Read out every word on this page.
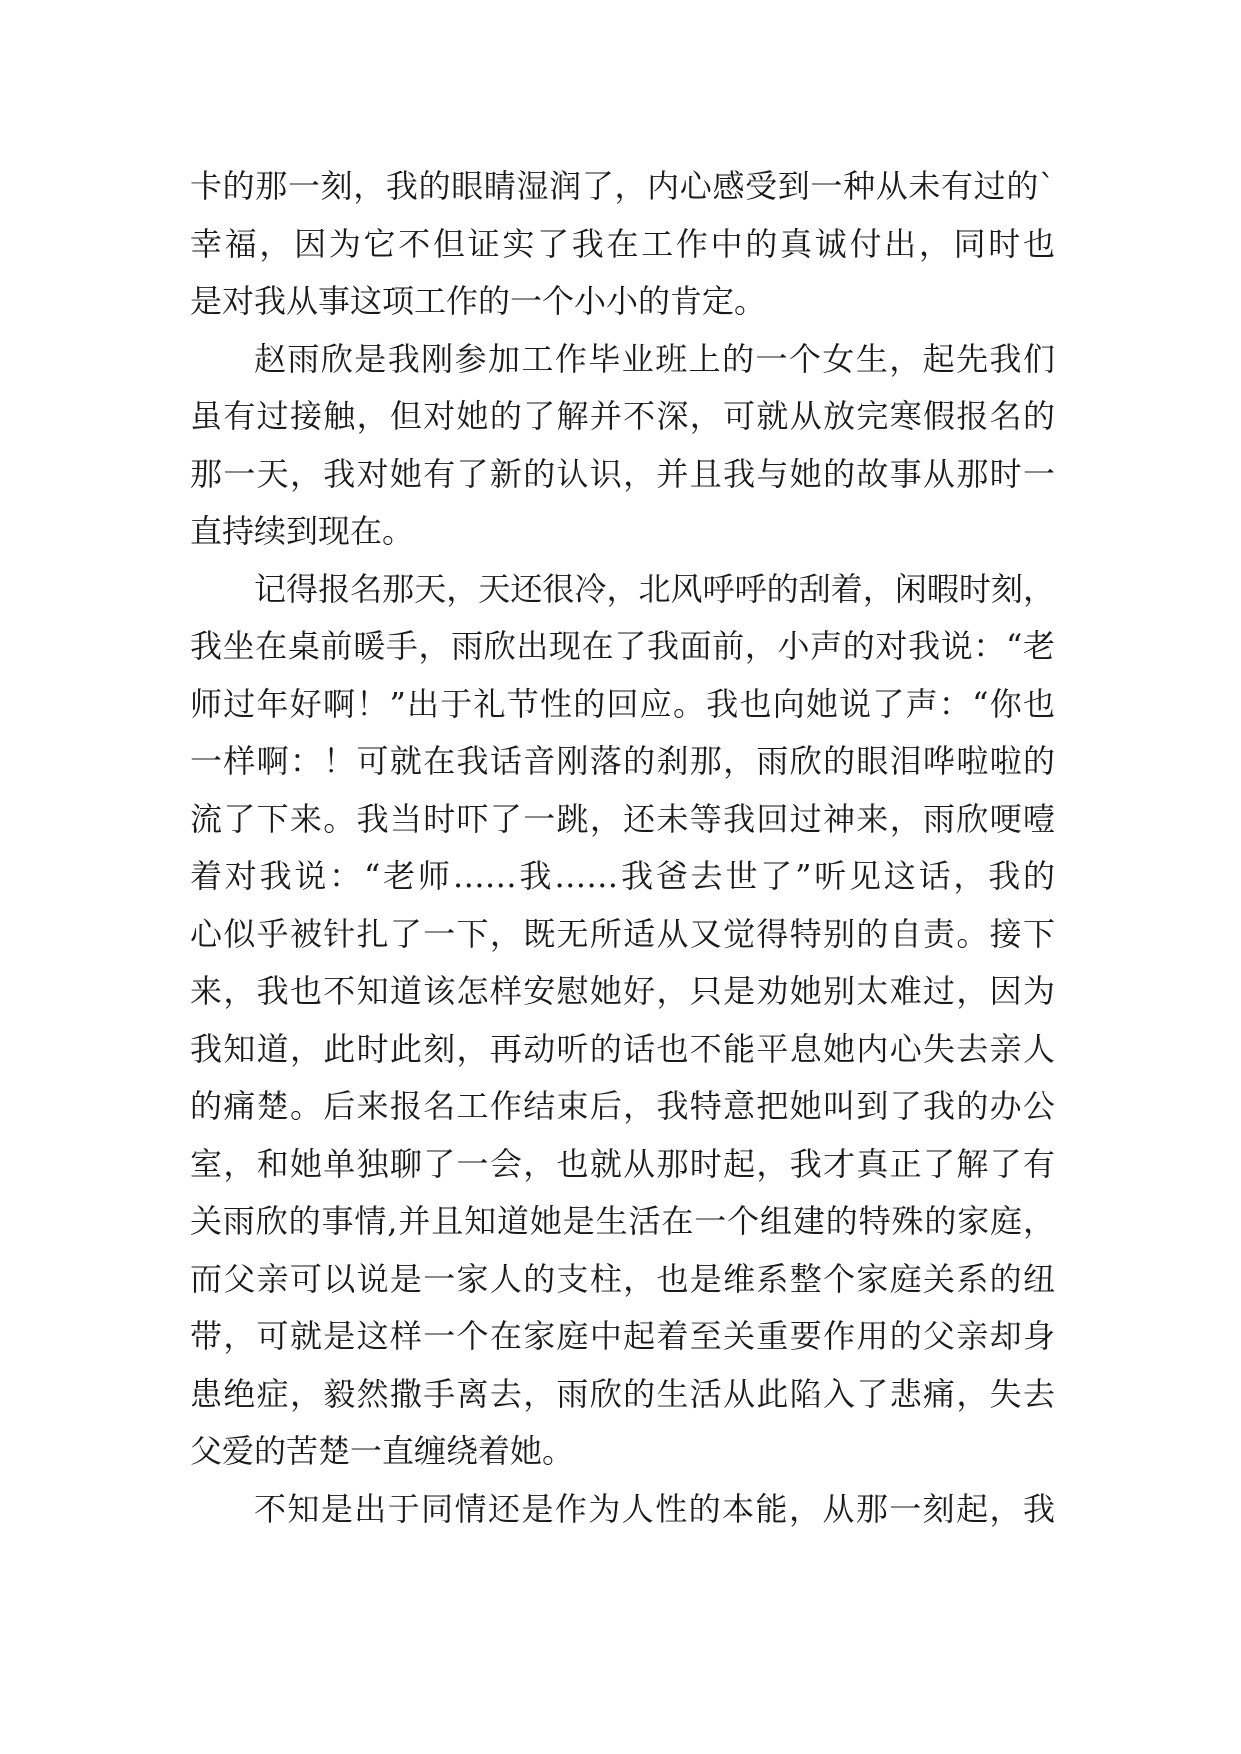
卡的那一刻，我的眼睛湿润了，内心感受到一种从未有过的`
幸福，因为它不但证实了我在工作中的真诚付出，同时也
是对我从事这项工作的一个小小的肯定。
赵雨欣是我刚参加工作毕业班上的一个女生，起先我们
虽有过接触，但对她的了解并不深，可就从放完寒假报名的
那一天，我对她有了新的认识，并且我与她的故事从那时一
直持续到现在。
记得报名那天，天还很冷，北风呼呼的刮着，闲暇时刻，
我坐在桌前暖手，雨欣出现在了我面前，小声的对我说：“老
师过年好啊！”出于礼节性的回应。我也向她说了声：“你也
一样啊：！可就在我话音刚落的刹那，雨欣的眼泪哗啦啦的
流了下来。我当时吓了一跳，还未等我回过神来，雨欣哽噎
着对我说：“老师……我……我爸去世了”听见这话，我的
心似乎被针扎了一下，既无所适从又觉得特别的自责。接下
来，我也不知道该怎样安慰她好，只是劝她别太难过，因为
我知道，此时此刻，再动听的话也不能平息她内心失去亲人
的痛楚。后来报名工作结束后，我特意把她叫到了我的办公
室，和她单独聊了一会，也就从那时起，我才真正了解了有
关雨欣的事情,并且知道她是生活在一个组建的特殊的家庭，
而父亲可以说是一家人的支柱，也是维系整个家庭关系的纽
带，可就是这样一个在家庭中起着至关重要作用的父亲却身
患绝症，毅然撒手离去，雨欣的生活从此陷入了悲痛，失去
父爱的苦楚一直缠绕着她。
不知是出于同情还是作为人性的本能，从那一刻起，我
